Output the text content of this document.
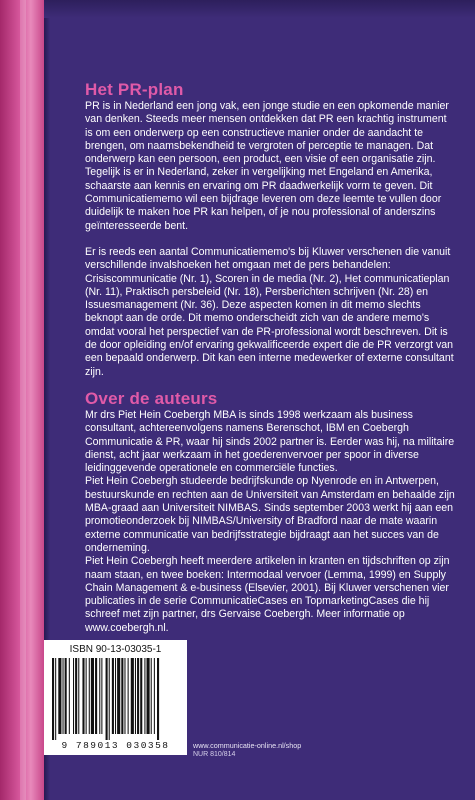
Het PR-plan

PR is in Nederland een jong vak, een jonge studie en een opkomende manier van denken. Steeds meer mensen ontdekken dat PR een krachtig instrument is om een onderwerp op een constructieve manier onder de aandacht te brengen, om naamsbekendheid te vergroten of perceptie te managen. Dat onderwerp kan een persoon, een product, een visie of een organisatie zijn. Tegelijk is er in Nederland, zeker in vergelijking met Engeland en Amerika, schaarste aan kennis en ervaring om PR daadwerkelijk vorm te geven. Dit Communicatiememo wil een bijdrage leveren om deze leemte te vullen door duidelijk te maken hoe PR kan helpen, of je nou professional of anderszins geïnteresseerde bent.

Er is reeds een aantal Communicatiememo's bij Kluwer verschenen die vanuit verschillende invalshoeken het omgaan met de pers behandelen: Crisiscommunicatie (Nr. 1), Scoren in de media (Nr. 2), Het communicatieplan (Nr. 11), Praktisch persbeleid (Nr. 18), Persberichten schrijven (Nr. 28) en Issuesmanagement (Nr. 36). Deze aspecten komen in dit memo slechts beknopt aan de orde. Dit memo onderscheidt zich van de andere memo's omdat vooral het perspectief van de PR-professional wordt beschreven. Dit is de door opleiding en/of ervaring gekwalificeerde expert die de PR verzorgt van een bepaald onderwerp. Dit kan een interne medewerker of externe consultant zijn.

Over de auteurs

Mr drs Piet Hein Coebergh MBA is sinds 1998 werkzaam als business consultant, achtereenvolgens namens Berenschot, IBM en Coebergh Communicatie & PR, waar hij sinds 2002 partner is. Eerder was hij, na militaire dienst, acht jaar werkzaam in het goederenvervoer per spoor in diverse leidinggevende operationele en commerciële functies.

Piet Hein Coebergh studeerde bedrijfskunde op Nyenrode en in Antwerpen, bestuurskunde en rechten aan de Universiteit van Amsterdam en behaalde zijn MBA-graad aan Universiteit NIMBAS. Sinds september 2003 werkt hij aan een promotieonderzoek bij NIMBAS/University of Bradford naar de mate waarin externe communicatie van bedrijfsstrategie bijdraagt aan het succes van de onderneming.

Piet Hein Coebergh heeft meerdere artikelen in kranten en tijdschriften op zijn naam staan, en twee boeken: Intermodaal vervoer (Lemma, 1999) en Supply Chain Management & e-business (Elsevier, 2001). Bij Kluwer verschenen vier publicaties in de serie CommunicatieCases en TopmarketingCases die hij schreef met zijn partner, drs Gervaise Coebergh. Meer informatie op www.coebergh.nl.

ISBN 90-13-03035-1
9 789013 030358	www.communicatie-online.nl/shop
NUR 810/814
